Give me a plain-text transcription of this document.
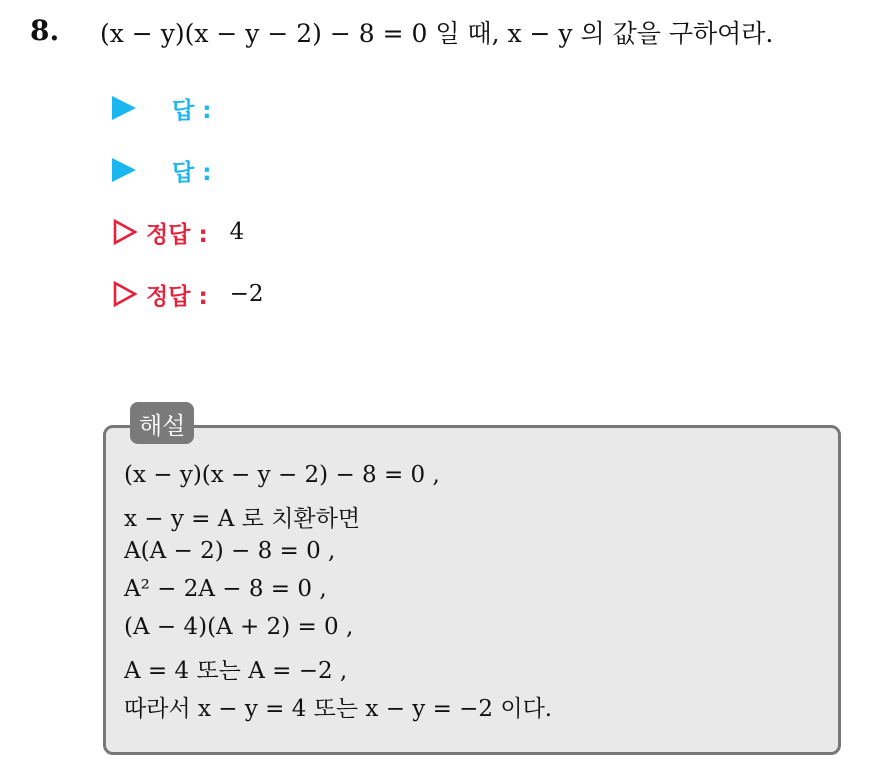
8. (x − y)(x − y − 2) − 8 = 0 일 때, x − y 의 값을 구하여라.
답 :
답 :
정답 : 4
정답 : −2
해설
(x − y)(x − y − 2) − 8 = 0 ,
x − y = A 로 치환하면
A(A − 2) − 8 = 0 ,
A² − 2A − 8 = 0 ,
(A − 4)(A + 2) = 0 ,
A = 4 또는 A = −2 ,
따라서 x − y = 4 또는 x − y = −2 이다.
